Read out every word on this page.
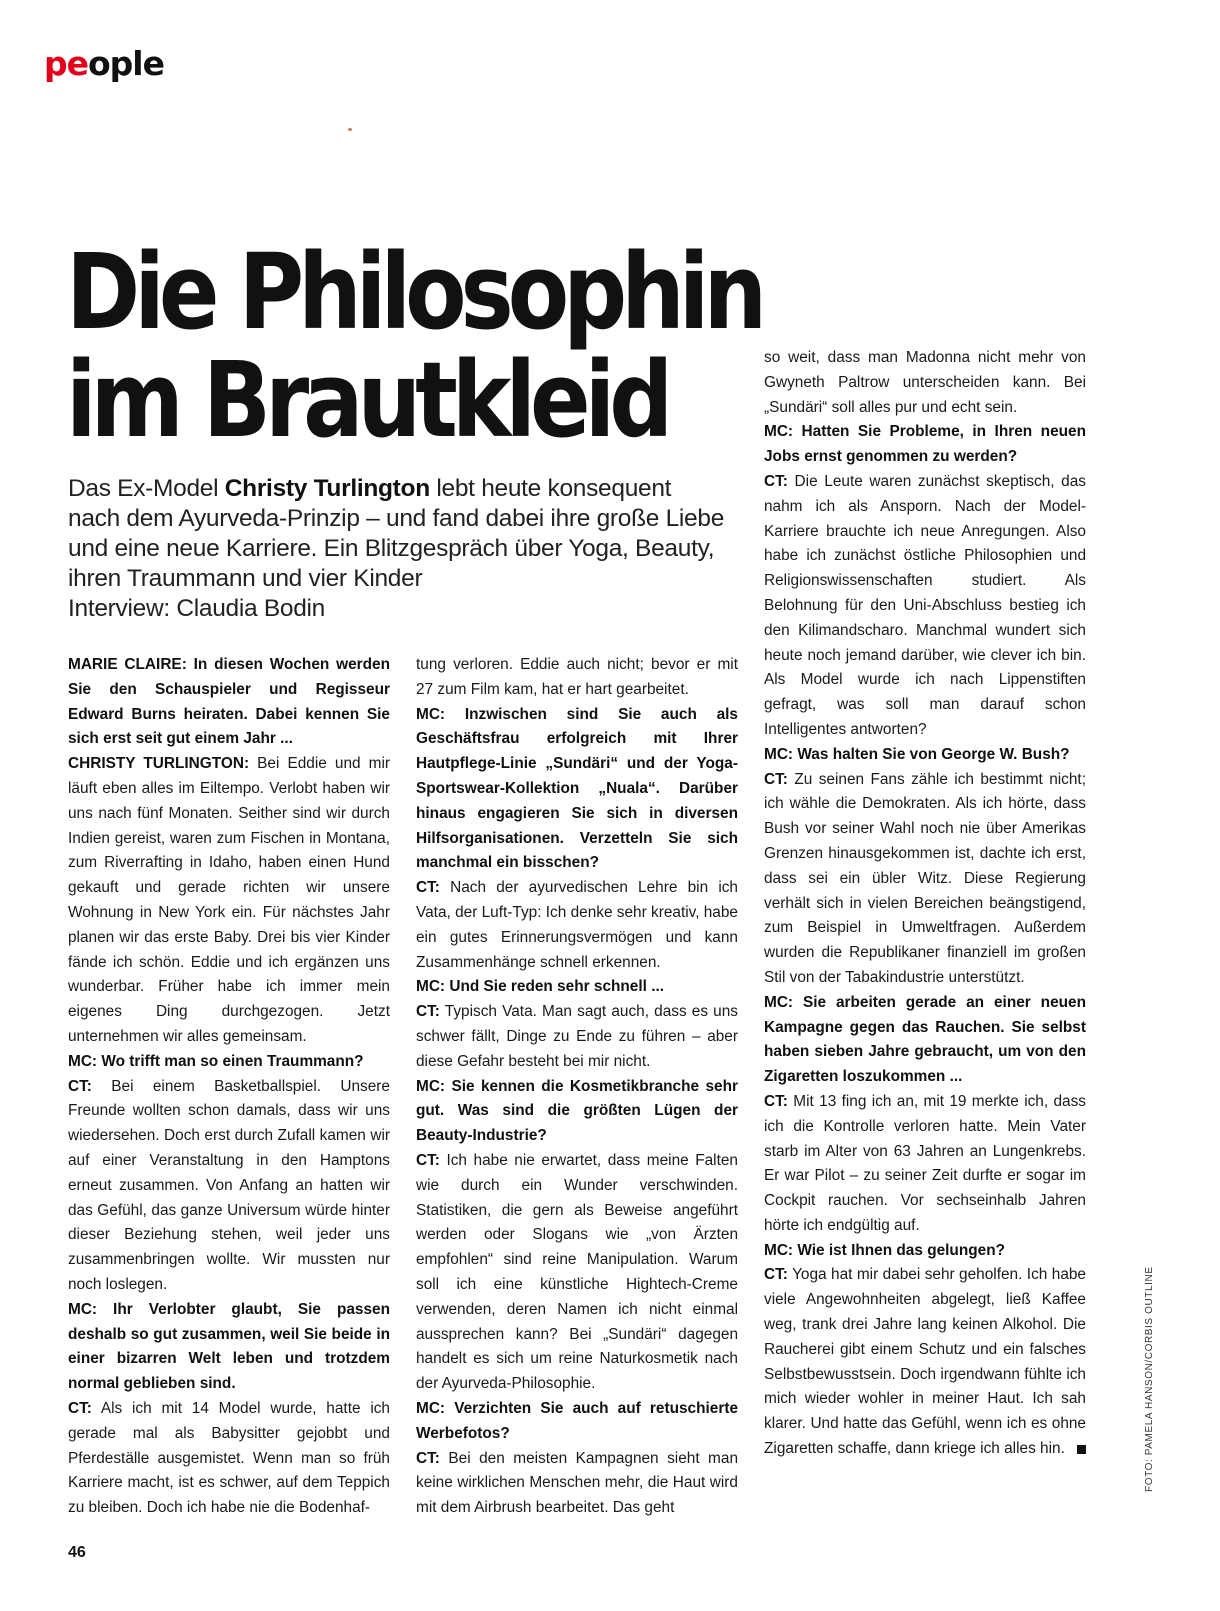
people
Die Philosophin
im Brautkleid
Das Ex-Model Christy Turlington lebt heute konsequent nach dem Ayurveda-Prinzip – und fand dabei ihre große Liebe und eine neue Karriere. Ein Blitzgespräch über Yoga, Beauty, ihren Traummann und vier Kinder
Interview: Claudia Bodin

MARIE CLAIRE: In diesen Wochen werden Sie den Schauspieler und Regisseur Edward Burns heiraten. Dabei kennen Sie sich erst seit gut einem Jahr ...

CHRISTY TURLINGTON: Bei Eddie und mir läuft eben alles im Eiltempo. Verlobt haben wir uns nach fünf Monaten. Seither sind wir durch Indien gereist, waren zum Fischen in Montana, zum Riverrafting in Idaho, haben einen Hund gekauft und gerade richten wir unsere Wohnung in New York ein. Für nächstes Jahr planen wir das erste Baby. Drei bis vier Kinder fände ich schön. Eddie und ich ergänzen uns wunderbar. Früher habe ich immer mein eigenes Ding durchgezogen. Jetzt unternehmen wir alles gemeinsam.

MC: Wo trifft man so einen Traummann?

CT: Bei einem Basketballspiel. Unsere Freunde wollten schon damals, dass wir uns wiedersehen. Doch erst durch Zufall kamen wir auf einer Veranstaltung in den Hamptons erneut zusammen. Von Anfang an hatten wir das Gefühl, das ganze Universum würde hinter dieser Beziehung stehen, weil jeder uns zusammenbringen wollte. Wir mussten nur noch loslegen.

MC: Ihr Verlobter glaubt, Sie passen deshalb so gut zusammen, weil Sie beide in einer bizarren Welt leben und trotzdem normal geblieben sind.

CT: Als ich mit 14 Model wurde, hatte ich gerade mal als Babysitter gejobbt und Pferdeställe ausgemistet. Wenn man so früh Karriere macht, ist es schwer, auf dem Teppich zu bleiben. Doch ich habe nie die Bodenhaf-

tung verloren. Eddie auch nicht; bevor er mit 27 zum Film kam, hat er hart gearbeitet.

MC: Inzwischen sind Sie auch als Geschäftsfrau erfolgreich mit Ihrer Hautpflege-Linie „Sundäri“ und der Yoga-Sportswear-Kollektion „Nuala“. Darüber hinaus engagieren Sie sich in diversen Hilfsorganisationen. Verzetteln Sie sich manchmal ein bisschen?

CT: Nach der ayurvedischen Lehre bin ich Vata, der Luft-Typ: Ich denke sehr kreativ, habe ein gutes Erinnerungsvermögen und kann Zusammenhänge schnell erkennen.

MC: Und Sie reden sehr schnell ...

CT: Typisch Vata. Man sagt auch, dass es uns schwer fällt, Dinge zu Ende zu führen – aber diese Gefahr besteht bei mir nicht.

MC: Sie kennen die Kosmetikbranche sehr gut. Was sind die größten Lügen der Beauty-Industrie?

CT: Ich habe nie erwartet, dass meine Falten wie durch ein Wunder verschwinden. Statistiken, die gern als Beweise angeführt werden oder Slogans wie „von Ärzten empfohlen“ sind reine Manipulation. Warum soll ich eine künstliche Hightech-Creme verwenden, deren Namen ich nicht einmal aussprechen kann? Bei „Sundäri“ dagegen handelt es sich um reine Naturkosmetik nach der Ayurveda-Philosophie.

MC: Verzichten Sie auch auf retuschierte Werbefotos?

CT: Bei den meisten Kampagnen sieht man keine wirklichen Menschen mehr, die Haut wird mit dem Airbrush bearbeitet. Das geht

so weit, dass man Madonna nicht mehr von Gwyneth Paltrow unterscheiden kann. Bei „Sundäri“ soll alles pur und echt sein.

MC: Hatten Sie Probleme, in Ihren neuen Jobs ernst genommen zu werden?

CT: Die Leute waren zunächst skeptisch, das nahm ich als Ansporn. Nach der Model-Karriere brauchte ich neue Anregungen. Also habe ich zunächst östliche Philosophien und Religionswissenschaften studiert. Als Belohnung für den Uni-Abschluss bestieg ich den Kilimandscharo. Manchmal wundert sich heute noch jemand darüber, wie clever ich bin. Als Model wurde ich nach Lippenstiften gefragt, was soll man darauf schon Intelligentes antworten?

MC: Was halten Sie von George W. Bush?

CT: Zu seinen Fans zähle ich bestimmt nicht; ich wähle die Demokraten. Als ich hörte, dass Bush vor seiner Wahl noch nie über Amerikas Grenzen hinausgekommen ist, dachte ich erst, dass sei ein übler Witz. Diese Regierung verhält sich in vielen Bereichen beängstigend, zum Beispiel in Umweltfragen. Außerdem wurden die Republikaner finanziell im großen Stil von der Tabakindustrie unterstützt.

MC: Sie arbeiten gerade an einer neuen Kampagne gegen das Rauchen. Sie selbst haben sieben Jahre gebraucht, um von den Zigaretten loszukommen ...

CT: Mit 13 fing ich an, mit 19 merkte ich, dass ich die Kontrolle verloren hatte. Mein Vater starb im Alter von 63 Jahren an Lungenkrebs. Er war Pilot – zu seiner Zeit durfte er sogar im Cockpit rauchen. Vor sechseinhalb Jahren hörte ich endgültig auf.

MC: Wie ist Ihnen das gelungen?

CT: Yoga hat mir dabei sehr geholfen. Ich habe viele Angewohnheiten abgelegt, ließ Kaffee weg, trank drei Jahre lang keinen Alkohol. Die Raucherei gibt einem Schutz und ein falsches Selbstbewusstsein. Doch irgendwann fühlte ich mich wieder wohler in meiner Haut. Ich sah klarer. Und hatte das Gefühl, wenn ich es ohne Zigaretten schaffe, dann kriege ich alles hin.	FOTO: PAMELA HANSON/CORBIS OUTLINE
46
